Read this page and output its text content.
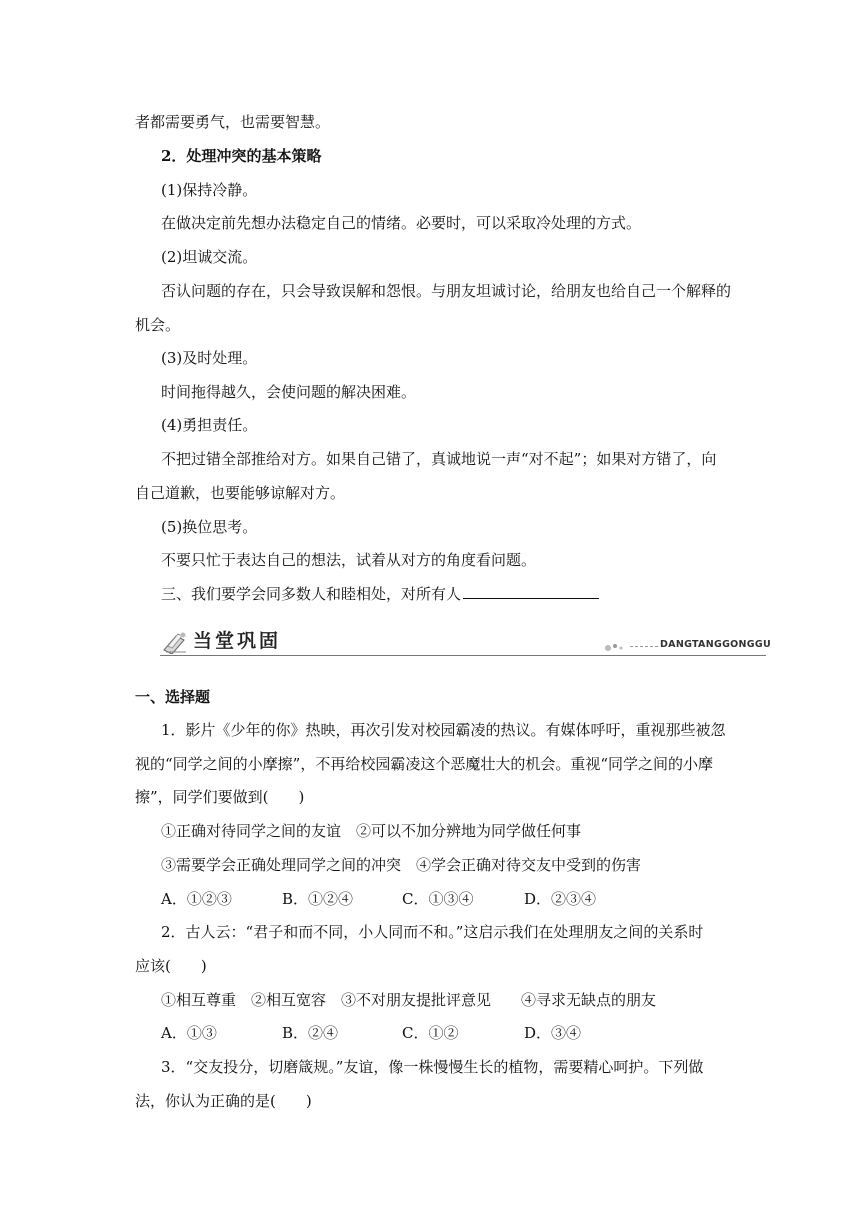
者都需要勇气，也需要智慧。
2．处理冲突的基本策略
(1)保持冷静。
在做决定前先想办法稳定自己的情绪。必要时，可以采取冷处理的方式。
(2)坦诚交流。
否认问题的存在，只会导致误解和怨恨。与朋友坦诚讨论，给朋友也给自己一个解释的
机会。
(3)及时处理。
时间拖得越久，会使问题的解决困难。
(4)勇担责任。
不把过错全部推给对方。如果自己错了，真诚地说一声“对不起”；如果对方错了，向
自己道歉，也要能够谅解对方。
(5)换位思考。
不要只忙于表达自己的想法，试着从对方的角度看问题。
三、我们要学会同多数人和睦相处，对所有人
当堂巩固	DANGTANGGONGGU
一、选择题
1．影片《少年的你》热映，再次引发对校园霸凌的热议。有媒体呼吁，重视那些被忽
视的“同学之间的小摩擦”，不再给校园霸凌这个恶魔壮大的机会。重视“同学之间的小摩
擦”，同学们要做到(　　)
①正确对待同学之间的友谊　②可以不加分辨地为同学做任何事
③需要学会正确处理同学之间的冲突　④学会正确对待交友中受到的伤害
A．①②③	B．①②④	C．①③④	D．②③④
2．古人云：“君子和而不同，小人同而不和。”这启示我们在处理朋友之间的关系时
应该(　　)
①相互尊重　②相互宽容　③不对朋友提批评意见　　④寻求无缺点的朋友
A．①③	B．②④	C．①②	D．③④
3．“交友投分，切磨箴规。”友谊，像一株慢慢生长的植物，需要精心呵护。下列做
法，你认为正确的是(　　)
